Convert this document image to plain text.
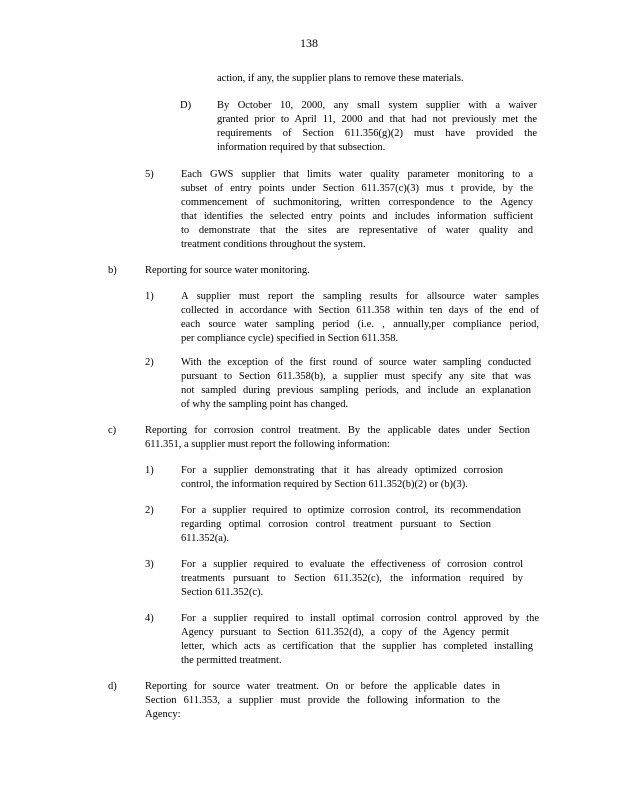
138

action, if any, the supplier plans to remove these materials.

D) By October 10, 2000, any small system supplier with a waiver

granted prior to April 11, 2000 and that had not previously met the

requirements of Section 611.356(g)(2) must have provided the

information required by that subsection.

5)	Each GWS supplier that limits water quality parameter monitoring to a

subset of entry points under Section 611.357(c)(3) mus t provide, by the

commencement of suchmonitoring, written correspondence to the Agency

that identifies the selected entry points and includes information sufficient

to demonstrate that the sites are representative of water quality and

treatment conditions throughout the system.

b)	Reporting for source water monitoring.

1)	A supplier must report the sampling results for allsource water samples

collected in accordance with Section 611.358 within ten days of the end of

each source water sampling period (i.e. , annually,per compliance period,

per compliance cycle) specified in Section 611.358.

2)	With the exception of the first round of source water sampling conducted

pursuant to Section 611.358(b), a supplier must specify any site that was

not sampled during previous sampling periods, and include an explanation

of why the sampling point has changed.

c)	Reporting for corrosion control treatment. By the applicable dates under Section

611.351, a supplier must report the following information:

1)	For a supplier demonstrating that it has already optimized corrosion

control, the information required by Section 611.352(b)(2) or (b)(3).

2)	For a supplier required to optimize corrosion control, its recommendation

regarding optimal corrosion control treatment pursuant to Section

611.352(a).

3)	For a supplier required to evaluate the effectiveness of corrosion control

treatments pursuant to Section 611.352(c), the information required by

Section 611.352(c).

4)	For a supplier required to install optimal corrosion control approved by the

Agency pursuant to Section 611.352(d), a copy of the Agency permit

letter, which acts as certification that the supplier has completed installing

the permitted treatment.

d)	Reporting for source water treatment. On or before the applicable dates in

Section 611.353, a supplier must provide the following information to the

Agency:
